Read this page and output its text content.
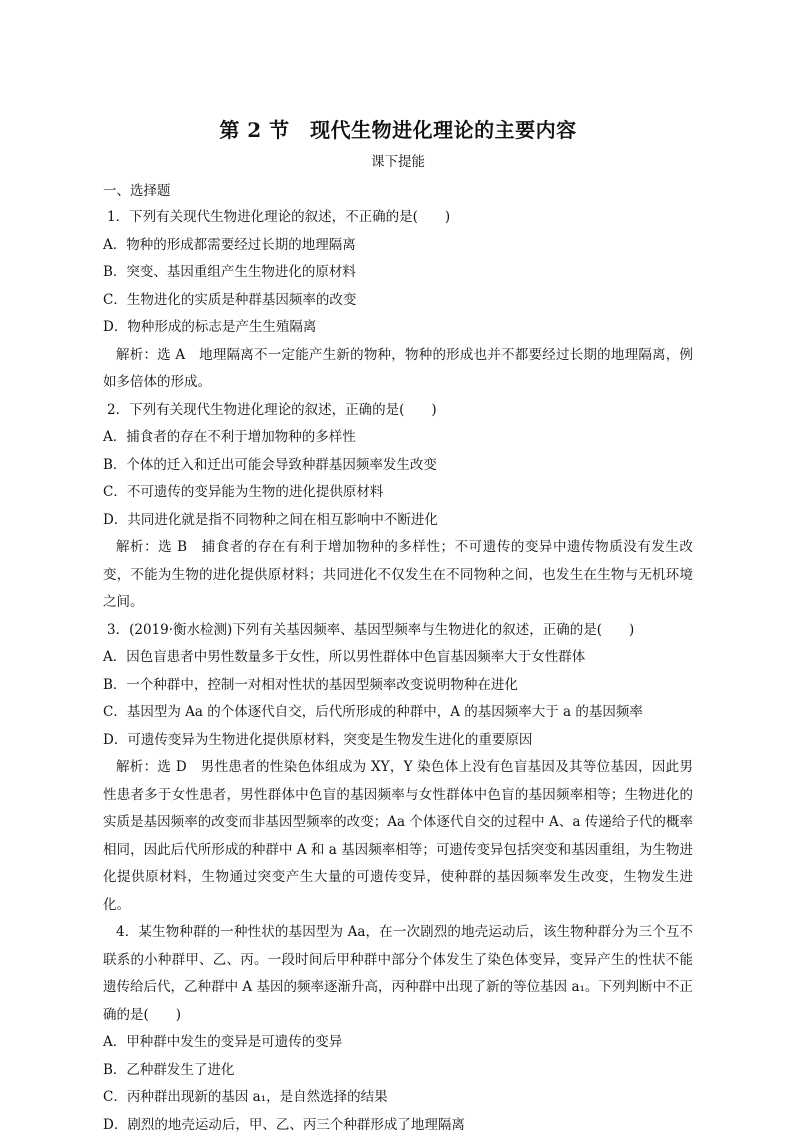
第 2 节　现代生物进化理论的主要内容
课下提能
一、选择题
1．下列有关现代生物进化理论的叙述，不正确的是(　　)
A．物种的形成都需要经过长期的地理隔离
B．突变、基因重组产生生物进化的原材料
C．生物进化的实质是种群基因频率的改变
D．物种形成的标志是产生生殖隔离
解析：选 A　地理隔离不一定能产生新的物种，物种的形成也并不都要经过长期的地理隔离，例如多倍体的形成。
2．下列有关现代生物进化理论的叙述，正确的是(　　)
A．捕食者的存在不利于增加物种的多样性
B．个体的迁入和迁出可能会导致种群基因频率发生改变
C．不可遗传的变异能为生物的进化提供原材料
D．共同进化就是指不同物种之间在相互影响中不断进化
解析：选 B　捕食者的存在有利于增加物种的多样性；不可遗传的变异中遗传物质没有发生改变，不能为生物的进化提供原材料；共同进化不仅发生在不同物种之间，也发生在生物与无机环境之间。
3．(2019·衡水检测)下列有关基因频率、基因型频率与生物进化的叙述，正确的是(　　)
A．因色盲患者中男性数量多于女性，所以男性群体中色盲基因频率大于女性群体
B．一个种群中，控制一对相对性状的基因型频率改变说明物种在进化
C．基因型为 Aa 的个体逐代自交，后代所形成的种群中，A 的基因频率大于 a 的基因频率
D．可遗传变异为生物进化提供原材料，突变是生物发生进化的重要原因
解析：选 D　男性患者的性染色体组成为 XY，Y 染色体上没有色盲基因及其等位基因，因此男性患者多于女性患者，男性群体中色盲的基因频率与女性群体中色盲的基因频率相等；生物进化的实质是基因频率的改变而非基因型频率的改变；Aa 个体逐代自交的过程中 A、a 传递给子代的概率相同，因此后代所形成的种群中 A 和 a 基因频率相等；可遗传变异包括突变和基因重组，为生物进化提供原材料，生物通过突变产生大量的可遗传变异，使种群的基因频率发生改变，生物发生进化。
4．某生物种群的一种性状的基因型为 Aa，在一次剧烈的地壳运动后，该生物种群分为三个互不联系的小种群甲、乙、丙。一段时间后甲种群中部分个体发生了染色体变异，变异产生的性状不能遗传给后代，乙种群中 A 基因的频率逐渐升高，丙种群中出现了新的等位基因 a₁。下列判断中不正确的是(　　)
A．甲种群中发生的变异是可遗传的变异
B．乙种群发生了进化
C．丙种群出现新的基因 a₁，是自然选择的结果
D．剧烈的地壳运动后，甲、乙、丙三个种群形成了地理隔离
